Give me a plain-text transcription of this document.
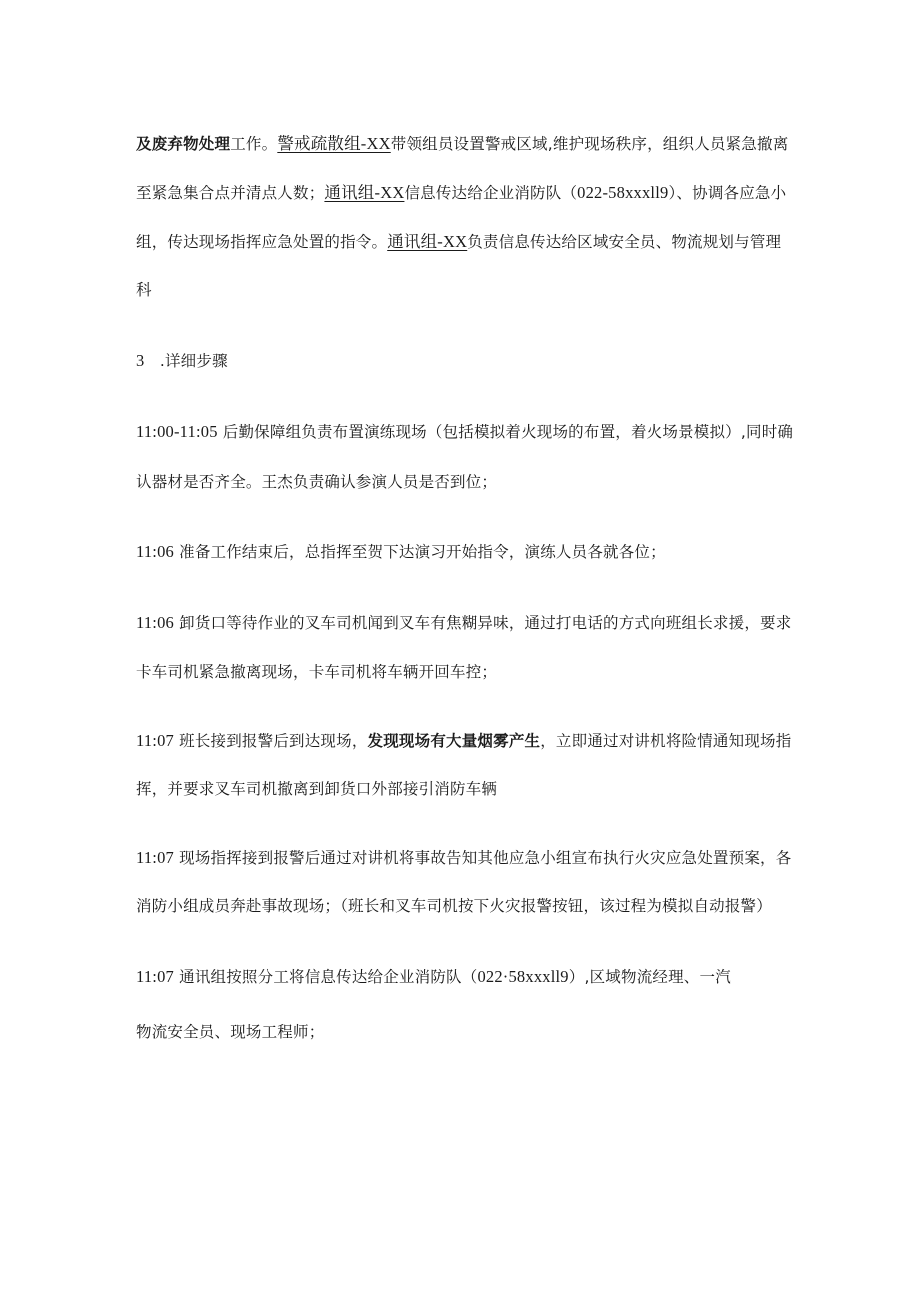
及废弃物处理工作。警戒疏散组-XX带领组员设置警戒区域,维护现场秩序，组织人员紧急撤离
至紧急集合点并清点人数；通讯组-XX信息传达给企业消防队（022-58xxxll9）、协调各应急小
组，传达现场指挥应急处置的指令。通讯组-XX负责信息传达给区域安全员、物流规划与管理
科
3 .详细步骤
11:00-11:05 后勤保障组负责布置演练现场（包括模拟着火现场的布置，着火场景模拟）,同时确
认器材是否齐全。王杰负责确认参演人员是否到位；
11:06 准备工作结束后，总指挥至贺下达演习开始指令，演练人员各就各位；
11:06 卸货口等待作业的叉车司机闻到叉车有焦糊异味，通过打电话的方式向班组长求援，要求
卡车司机紧急撤离现场，卡车司机将车辆开回车控；
11:07 班长接到报警后到达现场，发现现场有大量烟雾产生，立即通过对讲机将险情通知现场指
挥，并要求叉车司机撤离到卸货口外部接引消防车辆
11:07 现场指挥接到报警后通过对讲机将事故告知其他应急小组宣布执行火灾应急处置预案，各
消防小组成员奔赴事故现场；（班长和叉车司机按下火灾报警按钮，该过程为模拟自动报警）
11:07 通讯组按照分工将信息传达给企业消防队（022·58xxxll9）,区域物流经理、一汽
物流安全员、现场工程师；
